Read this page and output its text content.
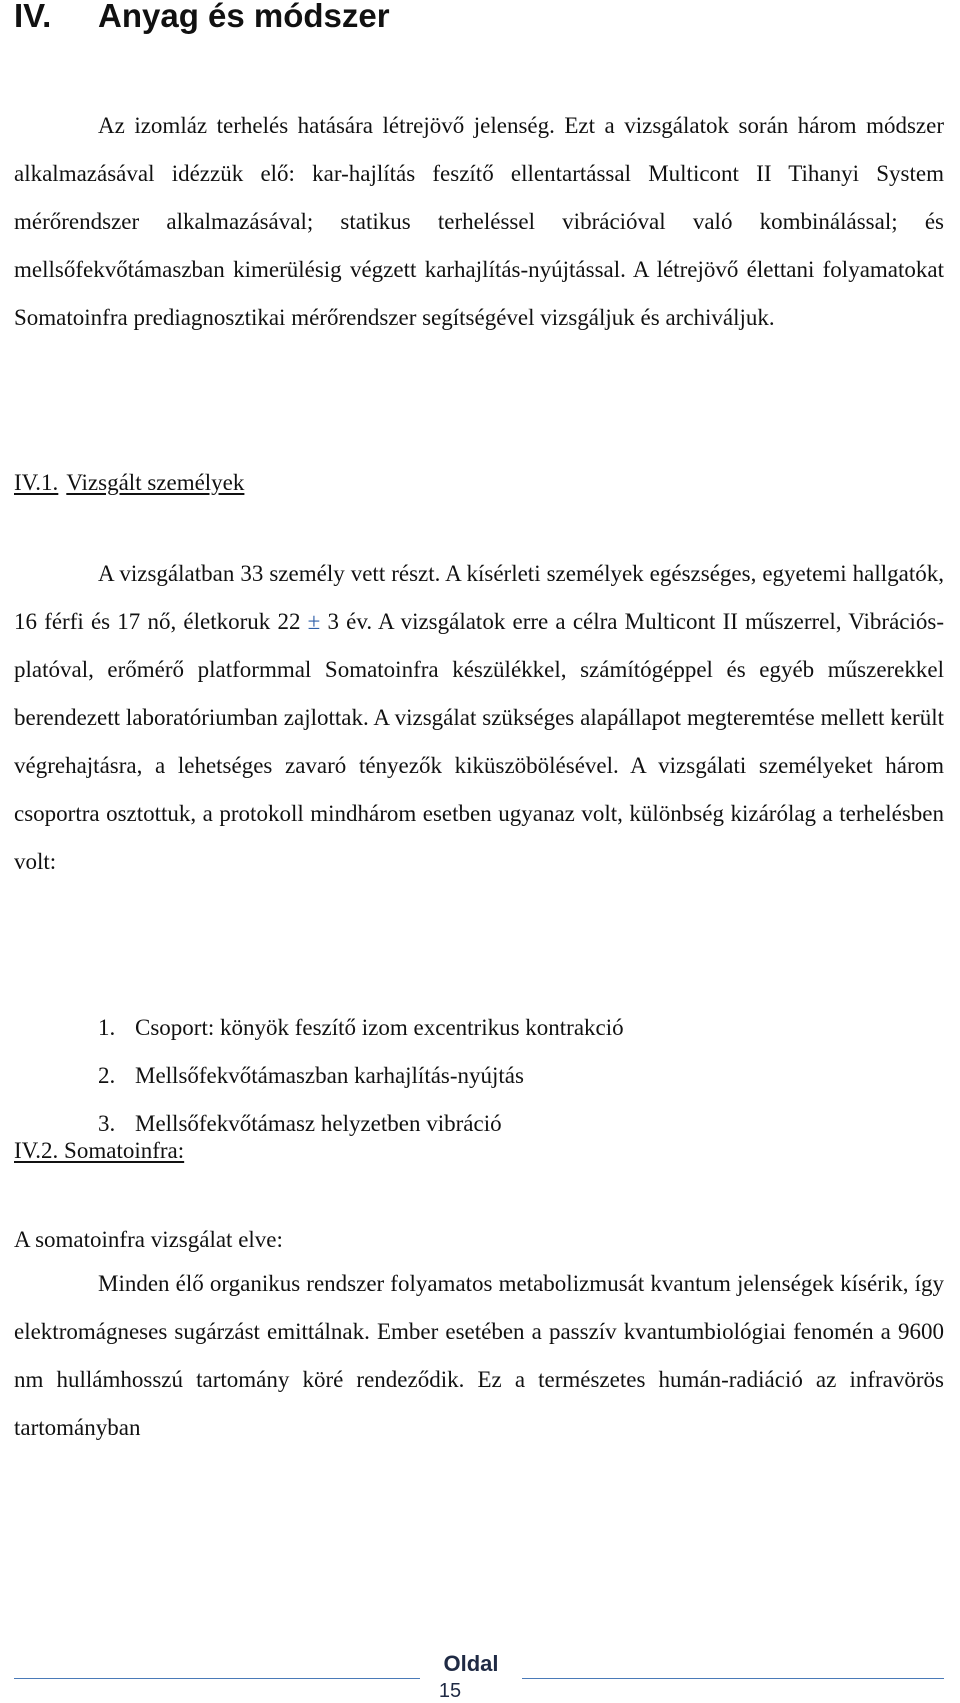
IV. Anyag és módszer

Az izomláz terhelés hatására létrejövő jelenség. Ezt a vizsgálatok során három módszer alkalmazásával idézzük elő: kar-hajlítás feszítő ellentartással Multicont II Tihanyi System mérőrendszer alkalmazásával; statikus terheléssel vibrációval való kombinálással; és mellsőfekvőtámaszban kimerülésig végzett karhajlítás-nyújtással. A létrejövő élettani folyamatokat Somatoinfra prediagnosztikai mérőrendszer segítségével vizsgáljuk és archiváljuk.

IV.1. Vizsgált személyek

A vizsgálatban 33 személy vett részt. A kísérleti személyek egészséges, egyetemi hallgatók, 16 férfi és 17 nő, életkoruk 22 ± 3 év. A vizsgálatok erre a célra Multicont II műszerrel, Vibrációs-platóval, erőmérő platformmal Somatoinfra készülékkel, számítógéppel és egyéb műszerekkel berendezett laboratóriumban zajlottak. A vizsgálat szükséges alapállapot megteremtése mellett került végrehajtásra, a lehetséges zavaró tényezők kiküszöbölésével. A vizsgálati személyeket három csoportra osztottuk, a protokoll mindhárom esetben ugyanaz volt, különbség kizárólag a terhelésben volt:

1. Csoport: könyök feszítő izom excentrikus kontrakció
2. Mellsőfekvőtámaszban karhajlítás-nyújtás
3. Mellsőfekvőtámasz helyzetben vibráció
IV.2. Somatoinfra:
A somatoinfra vizsgálat elve:

Minden élő organikus rendszer folyamatos metabolizmusát kvantum jelenségek kísérik, így elektromágneses sugárzást emittálnak. Ember esetében a passzív kvantumbiológiai fenomén a 9600 nm hullámhosszú tartomány köré rendeződik. Ez a természetes humán-radiáció az infravörös tartományban

Oldal
15
